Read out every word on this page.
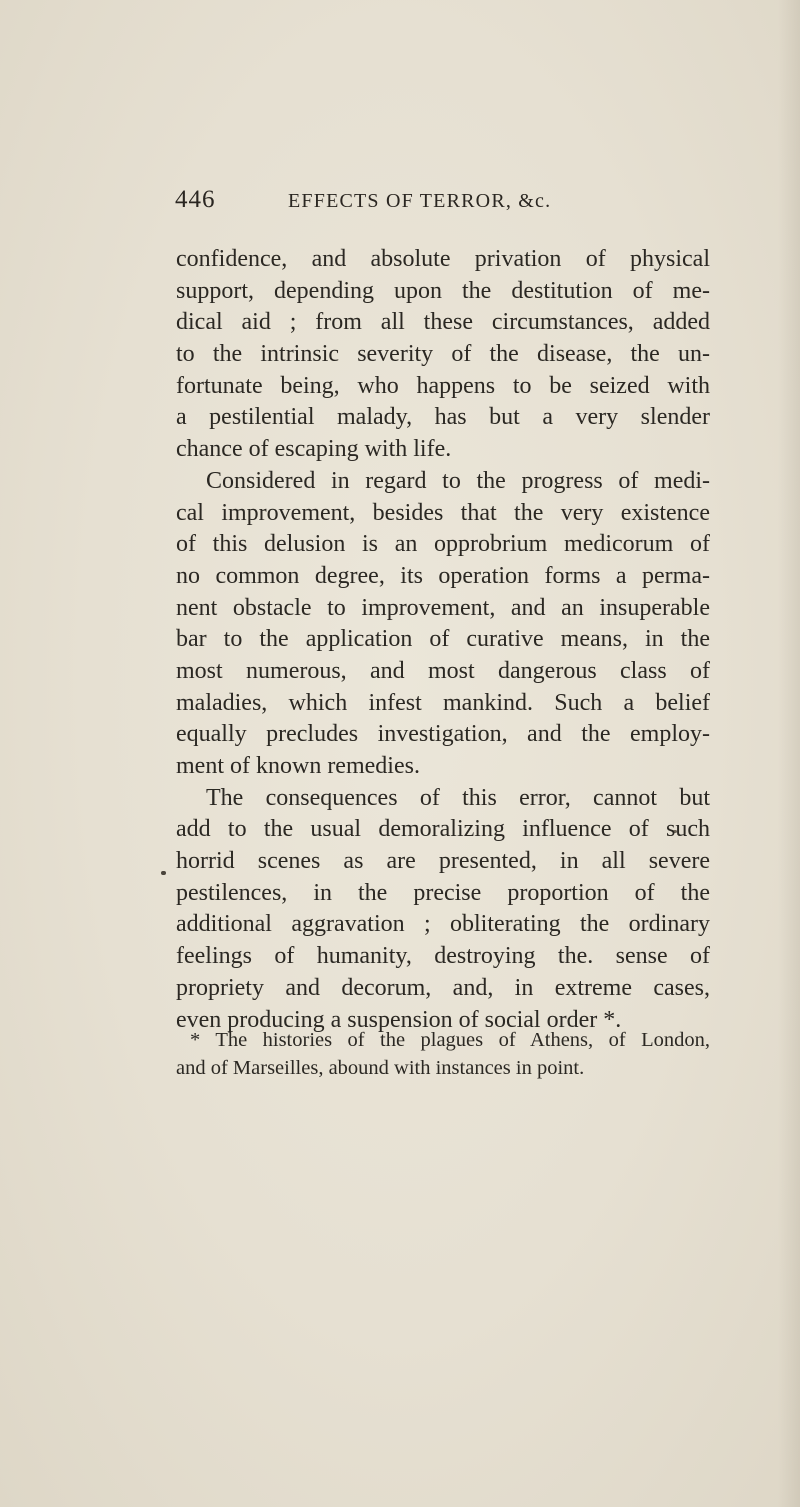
446	EFFECTS OF TERROR, &c.

confidence, and absolute privation of physical
support, depending upon the destitution of me-
dical aid ; from all these circumstances, added
to the intrinsic severity of the disease, the un-
fortunate being, who happens to be seized with
a pestilential malady, has but a very slender
chance of escaping with life.

Considered in regard to the progress of medi-
cal improvement, besides that the very existence
of this delusion is an opprobrium medicorum of
no common degree, its operation forms a perma-
nent obstacle to improvement, and an insuperable
bar to the application of curative means, in the
most numerous, and most dangerous class of
maladies, which infest mankind. Such a belief
equally precludes investigation, and the employ-
ment of known remedies.

The consequences of this error, cannot but
add to the usual demoralizing influence of such
horrid scenes as are presented, in all severe
pestilences, in the precise proportion of the
additional aggravation ; obliterating the ordinary
feelings of humanity, destroying the. sense of
propriety and decorum, and, in extreme cases,
even producing a suspension of social order *.

* The histories of the plagues of Athens, of London,
and of Marseilles, abound with instances in point.
